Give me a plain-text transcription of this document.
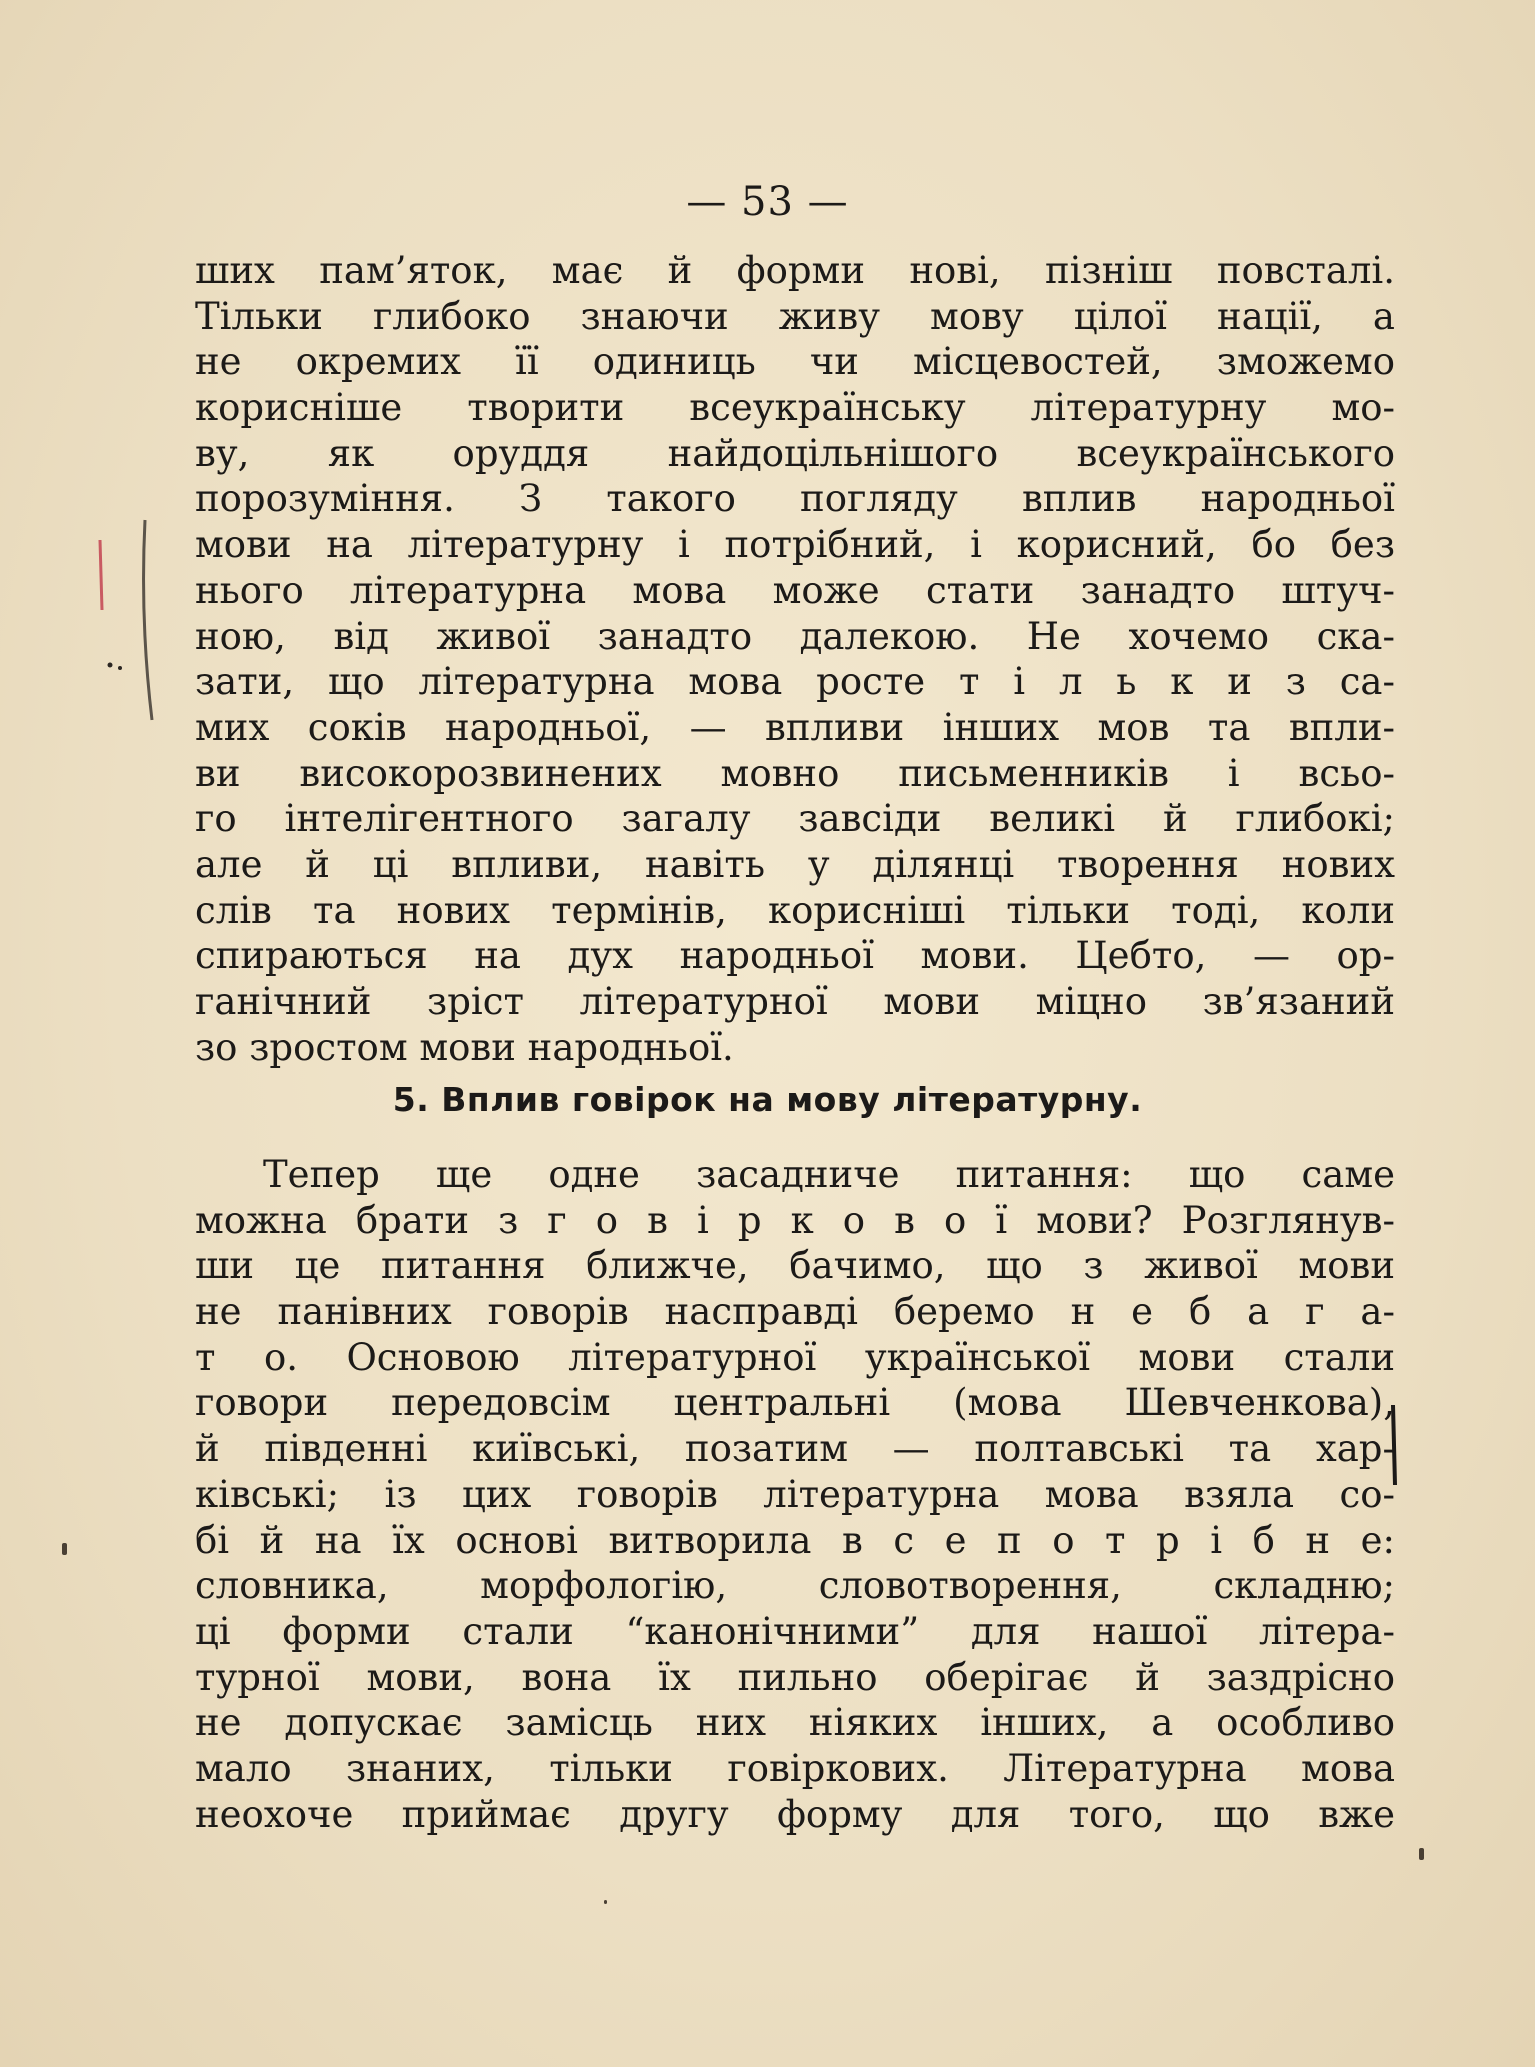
— 53 —
ших пам’яток, має й форми нові, пізніш повсталі.
Тільки глибоко знаючи живу мову цілої нації, а
не окремих її одиниць чи місцевостей, зможемо
корисніше творити всеукраїнську літературну мо-
ву, як оруддя найдоцільнішого всеукраїнського
порозуміння. З такого погляду вплив народньої
мови на літературну і потрібний, і корисний, бо без
нього літературна мова може стати занадто штуч-
ною, від живої занадто далекою. Не хочемо ска-
зати, що літературна мова росте т і л ь к и з са-
мих соків народньої, — впливи інших мов та впли-
ви високорозвинених мовно письменників і всьо-
го інтелігентного загалу завсіди великі й глибокі;
але й ці впливи, навіть у ділянці творення нових
слів та нових термінів, корисніші тільки тоді, коли
спираються на дух народньої мови. Цебто, — ор-
ганічний зріст літературної мови міцно зв’язаний
зо зростом мови народньої.
5. Вплив говірок на мову літературну.
Тепер ще одне засадниче питання: що саме
можна брати з г о в і р к о в о ї мови? Розглянув-
ши це питання ближче, бачимо, що з живої мови
не панівних говорів насправді беремо н е б а г а-
т о. Основою літературної української мови стали
говори передовсім центральні (мова Шевченкова),
й південні київські, позатим — полтавські та хар-
ківські; із цих говорів літературна мова взяла со-
бі й на їх основі витворила в с е п о т р і б н е:
словника, морфологію, словотворення, складню;
ці форми стали “канонічними” для нашої літера-
турної мови, вона їх пильно оберігає й заздрісно
не допускає замісць них ніяких інших, а особливо
мало знаних, тільки говіркових. Літературна мова
неохоче приймає другу форму для того, що вже
